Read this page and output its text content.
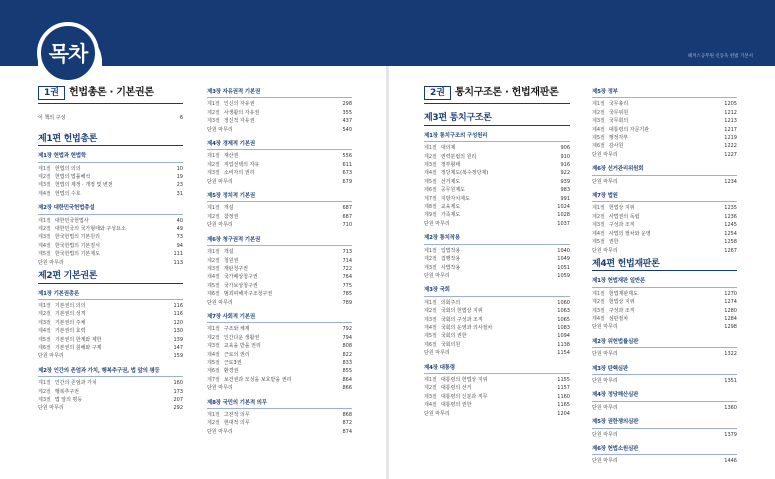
목차	헤커스공무원 신동욱 헌법 기본서
1권	헌법총론 · 기본권론
이 책의 구성	6
제1편 헌법총론
제1장 헌법과 헌법학
제1절 헌법의 의의	10
제2절 헌법의 법률해석	19
제3절 헌법의 제정 · 개정 및 변천	23
제4절 헌법의 수호	31
제2장 대한민국헌법총설
제1절 대한민국헌법사	40
제2절 대한민국의 국가형태와 구성요소	49
제3절 한국헌법의 기본원리	73
제4절 한국헌법의 기본질서	94
제5절 한국헌법의 기본제도	111
단원 마무리	113
제2편 기본권론
제1장 기본권총론
제1절 기본권의 의의	116
제2절 기본권의 성격	116
제3절 기본권의 주체	120
제4절 기본권의 효력	130
제5절 기본권의 한계와 제한	139
제6절 기본권의 침해와 구제	147
단원 마무리	159
제2장 인간의 존엄과 가치, 행복추구권, 법 앞의 평등
제1절 인간의 존엄과 가치	160
제2절 행복추구권	173
제3절 법 앞의 평등	207
단원 마무리	292
제3장 자유권적 기본권
제1절 인신의 자유권	298
제2절 사생활의 자유권	355
제3절 정신적 자유권	437
단원 마무리	540
제4장 경제적 기본권
제1절 재산권	556
제2절 직업선택의 자유	611
제3절 소비자의 권리	673
단원 마무리	679
제5장 정치적 기본권
제1절 개설	687
제2절 참정권	687
단원 마무리	710
제6장 청구권적 기본권
제1절 개설	713
제2절 청원권	714
제3절 재판청구권	722
제4절 국가배상청구권	764
제5절 국가보상청구권	775
제6절 범죄피해자구조청구권	785
단원 마무리	789
제7장 사회적 기본권
제1절 구조와 체계	792
제2절 인간다운 생활권	794
제3절 교육을 받을 권리	808
제4절 근로의 권리	822
제5절 근로3권	833
제6절 환경권	855
제7절 보건권과 모성을 보호받을 권리	864
단원 마무리	866
제8장 국민의 기본적 의무
제1절 고전적 의무	868
제2절 현대적 의무	872
단원 마무리	874
2권	통치구조론 · 헌법재판론
제3편 통치구조론
제1장 통치구조의 구성원리
제1절 대의제	906
제2절 권력분립의 원리	910
제3절 정부형태	916
제4절 정당제도(복수정당제)	922
제5절 선거제도	939
제6절 공무원제도	983
제7절 지방자치제도	991
제8절 교육제도	1024
제9절 가족제도	1028
단원 마무리	1037
제2장 통치작용
제1절 입법작용	1040
제2절 집행작용	1049
제3절 사법작용	1051
단원 마무리	1059
제3장 국회
제1절 의회주의	1060
제2절 국회의 헌법상 지위	1063
제3절 국회의 구성과 조직	1065
제4절 국회의 운영과 의사절차	1083
제5절 국회의 권한	1094
제6절 국회의원	1138
단원 마무리	1154
제4장 대통령
제1절 대통령의 헌법상 지위	1155
제2절 대통령의 선거	1157
제3절 대통령의 신분과 직무	1160
제4절 대통령의 권한	1165
단원 마무리	1204
제5장 정부
제1절 국무총리	1205
제2절 국무위원	1212
제3절 국무회의	1213
제4절 대통령의 자문기관	1217
제5절 행정각부	1219
제6절 감사원	1222
단원 마무리	1227
제6장 선거관리위원회
단원 마무리	1234
제7장 법원
제1절 헌법상 지위	1235
제2절 사법권의 독립	1236
제3절 구성과 조직	1245
제4절 사법의 절차와 운영	1254
제5절 권한	1258
단원 마무리	1267
제4편 헌법재판론
제1장 헌법재판 일반론
제1절 헌법재판제도	1270
제2절 헌법상 지위	1274
제3절 구성과 조직	1280
제4절 심판절차	1284
단원 마무리	1298
제2장 위헌법률심판
단원 마무리	1322
제3장 탄핵심판
단원 마무리	1351
제4장 정당해산심판
단원 마무리	1360
제5장 권한쟁의심판
단원 마무리	1379
제6장 헌법소원심판
단원 마무리	1446
